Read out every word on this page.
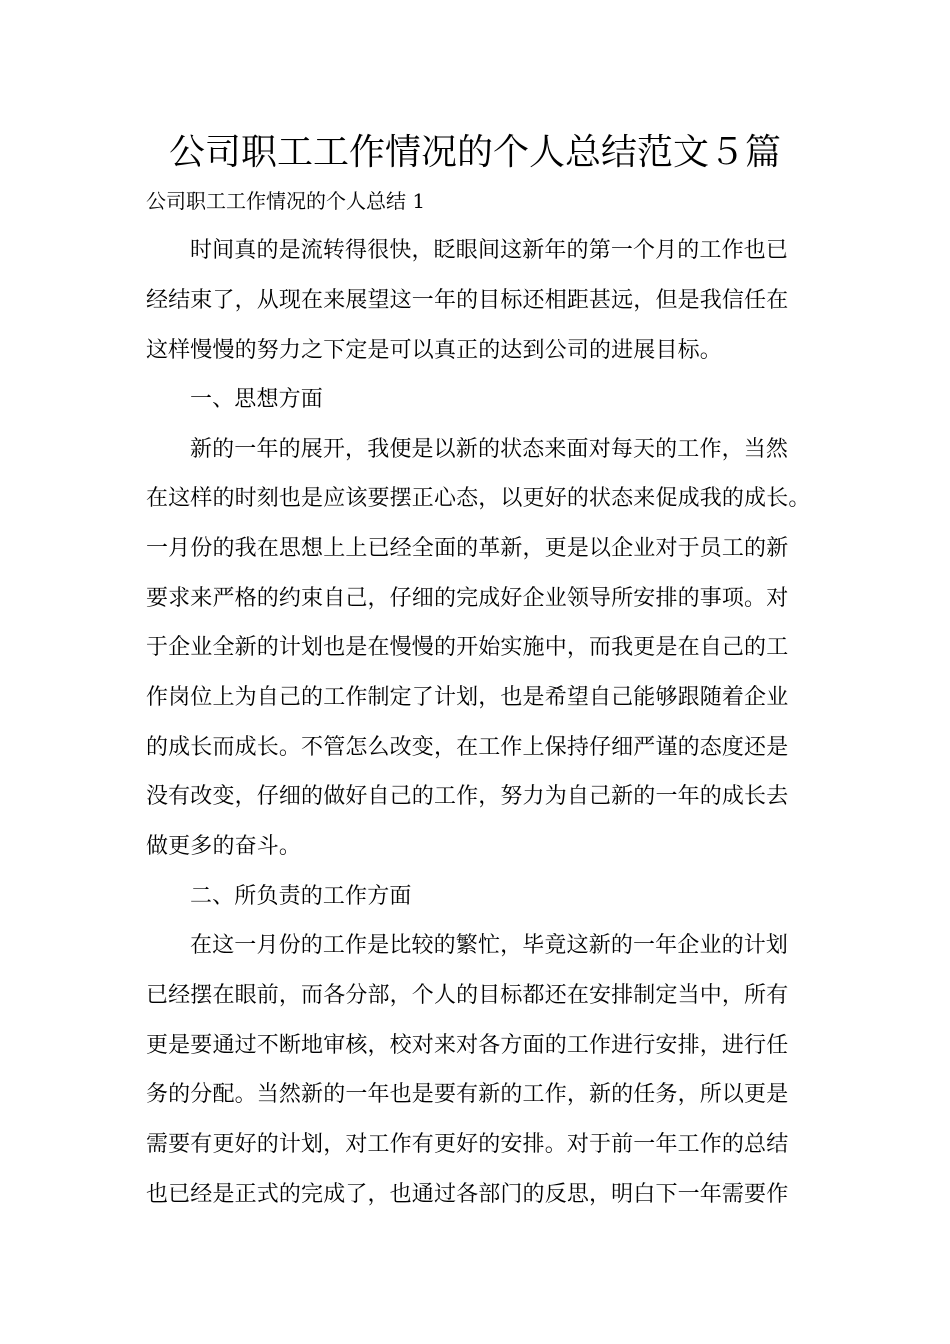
公司职工工作情况的个人总结范文５篇
公司职工工作情况的个人总结 1
时间真的是流转得很快，眨眼间这新年的第一个月的工作也已
经结束了，从现在来展望这一年的目标还相距甚远，但是我信任在
这样慢慢的努力之下定是可以真正的达到公司的进展目标。
一、思想方面
新的一年的展开，我便是以新的状态来面对每天的工作，当然
在这样的时刻也是应该要摆正心态，以更好的状态来促成我的成长。
一月份的我在思想上上已经全面的革新，更是以企业对于员工的新
要求来严格的约束自己，仔细的完成好企业领导所安排的事项。对
于企业全新的计划也是在慢慢的开始实施中，而我更是在自己的工
作岗位上为自己的工作制定了计划，也是希望自己能够跟随着企业
的成长而成长。不管怎么改变，在工作上保持仔细严谨的态度还是
没有改变，仔细的做好自己的工作，努力为自己新的一年的成长去
做更多的奋斗。
二、所负责的工作方面
在这一月份的工作是比较的繁忙，毕竟这新的一年企业的计划
已经摆在眼前，而各分部，个人的目标都还在安排制定当中，所有
更是要通过不断地审核，校对来对各方面的工作进行安排，进行任
务的分配。当然新的一年也是要有新的工作，新的任务，所以更是
需要有更好的计划，对工作有更好的安排。对于前一年工作的总结
也已经是正式的完成了，也通过各部门的反思，明白下一年需要作
